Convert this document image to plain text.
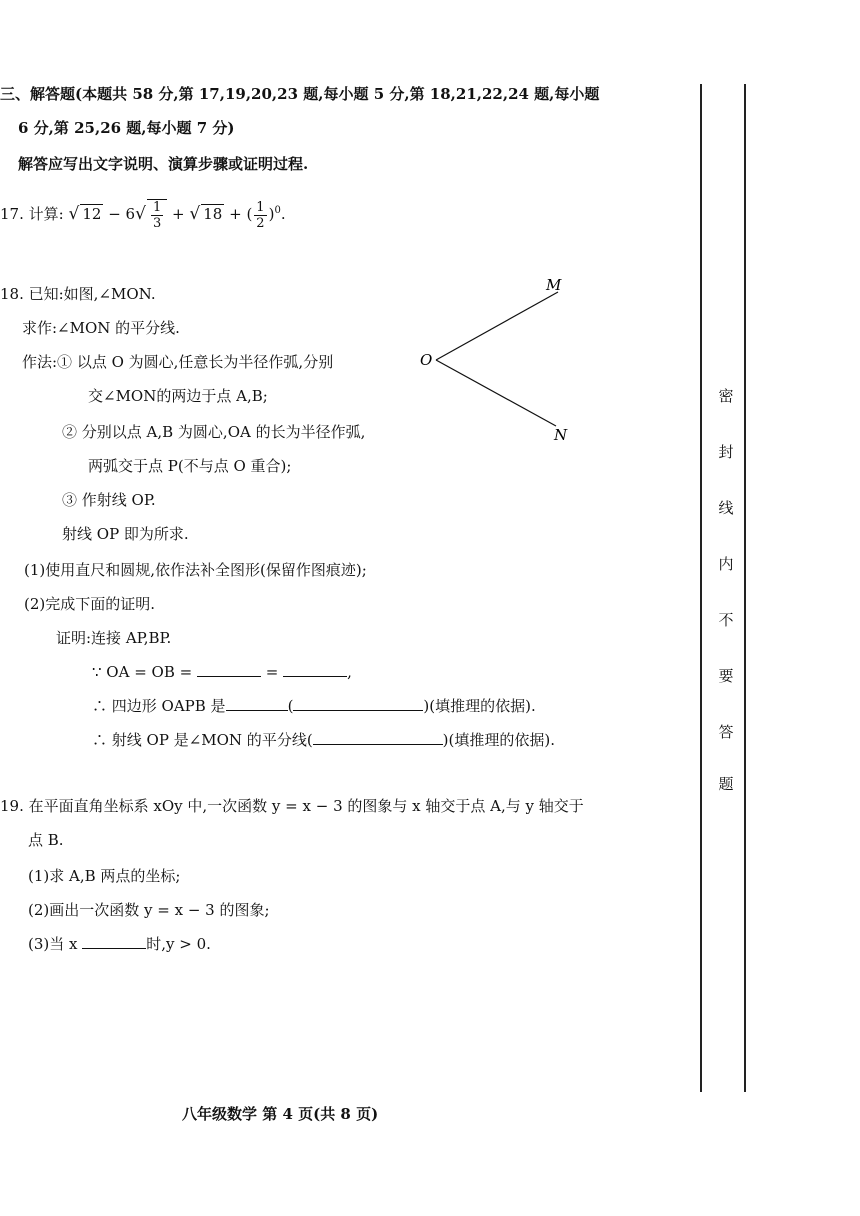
三、解答题(本题共 58 分,第 17,19,20,23 题,每小题 5 分,第 18,21,22,24 题,每小题
6 分,第 25,26 题,每小题 7 分)
解答应写出文字说明、演算步骤或证明过程.
17. 计算: √ $12 - 6√ \frac{1}{3}$ + √ 18 + ( $\frac{1}{2} )^0$.
18. 已知:如图,∠MON.
求作:∠MON 的平分线.
作法:① 以点 O 为圆心,任意长为半径作弧,分别
交∠MON的两边于点 A,B;
② 分别以点 A,B 为圆心,OA 的长为半径作弧,
两弧交于点 P(不与点 O 重合);
③ 作射线 OP.
射线 OP 即为所求.
M
O
N
(1)使用直尺和圆规,依作法补全图形(保留作图痕迹);
(2)完成下面的证明.
证明:连接 AP,BP.
∵ OA = OB =	=	,
∴ 四边形 OAPB 是	(	)(填推理的依据).
∴ 射线 OP 是∠MON 的平分线(	)(填推理的依据).
19. 在平面直角坐标系 xOy 中,一次函数 y = x − 3 的图象与 x 轴交于点 A,与 y 轴交于
点 B.
(1)求 A,B 两点的坐标;
(2)画出一次函数 y = x − 3 的图象;
(3)当 x	时,y > 0.
八年级数学 第 4 页(共 8 页)
密
封
线
内
不
要
答
题
